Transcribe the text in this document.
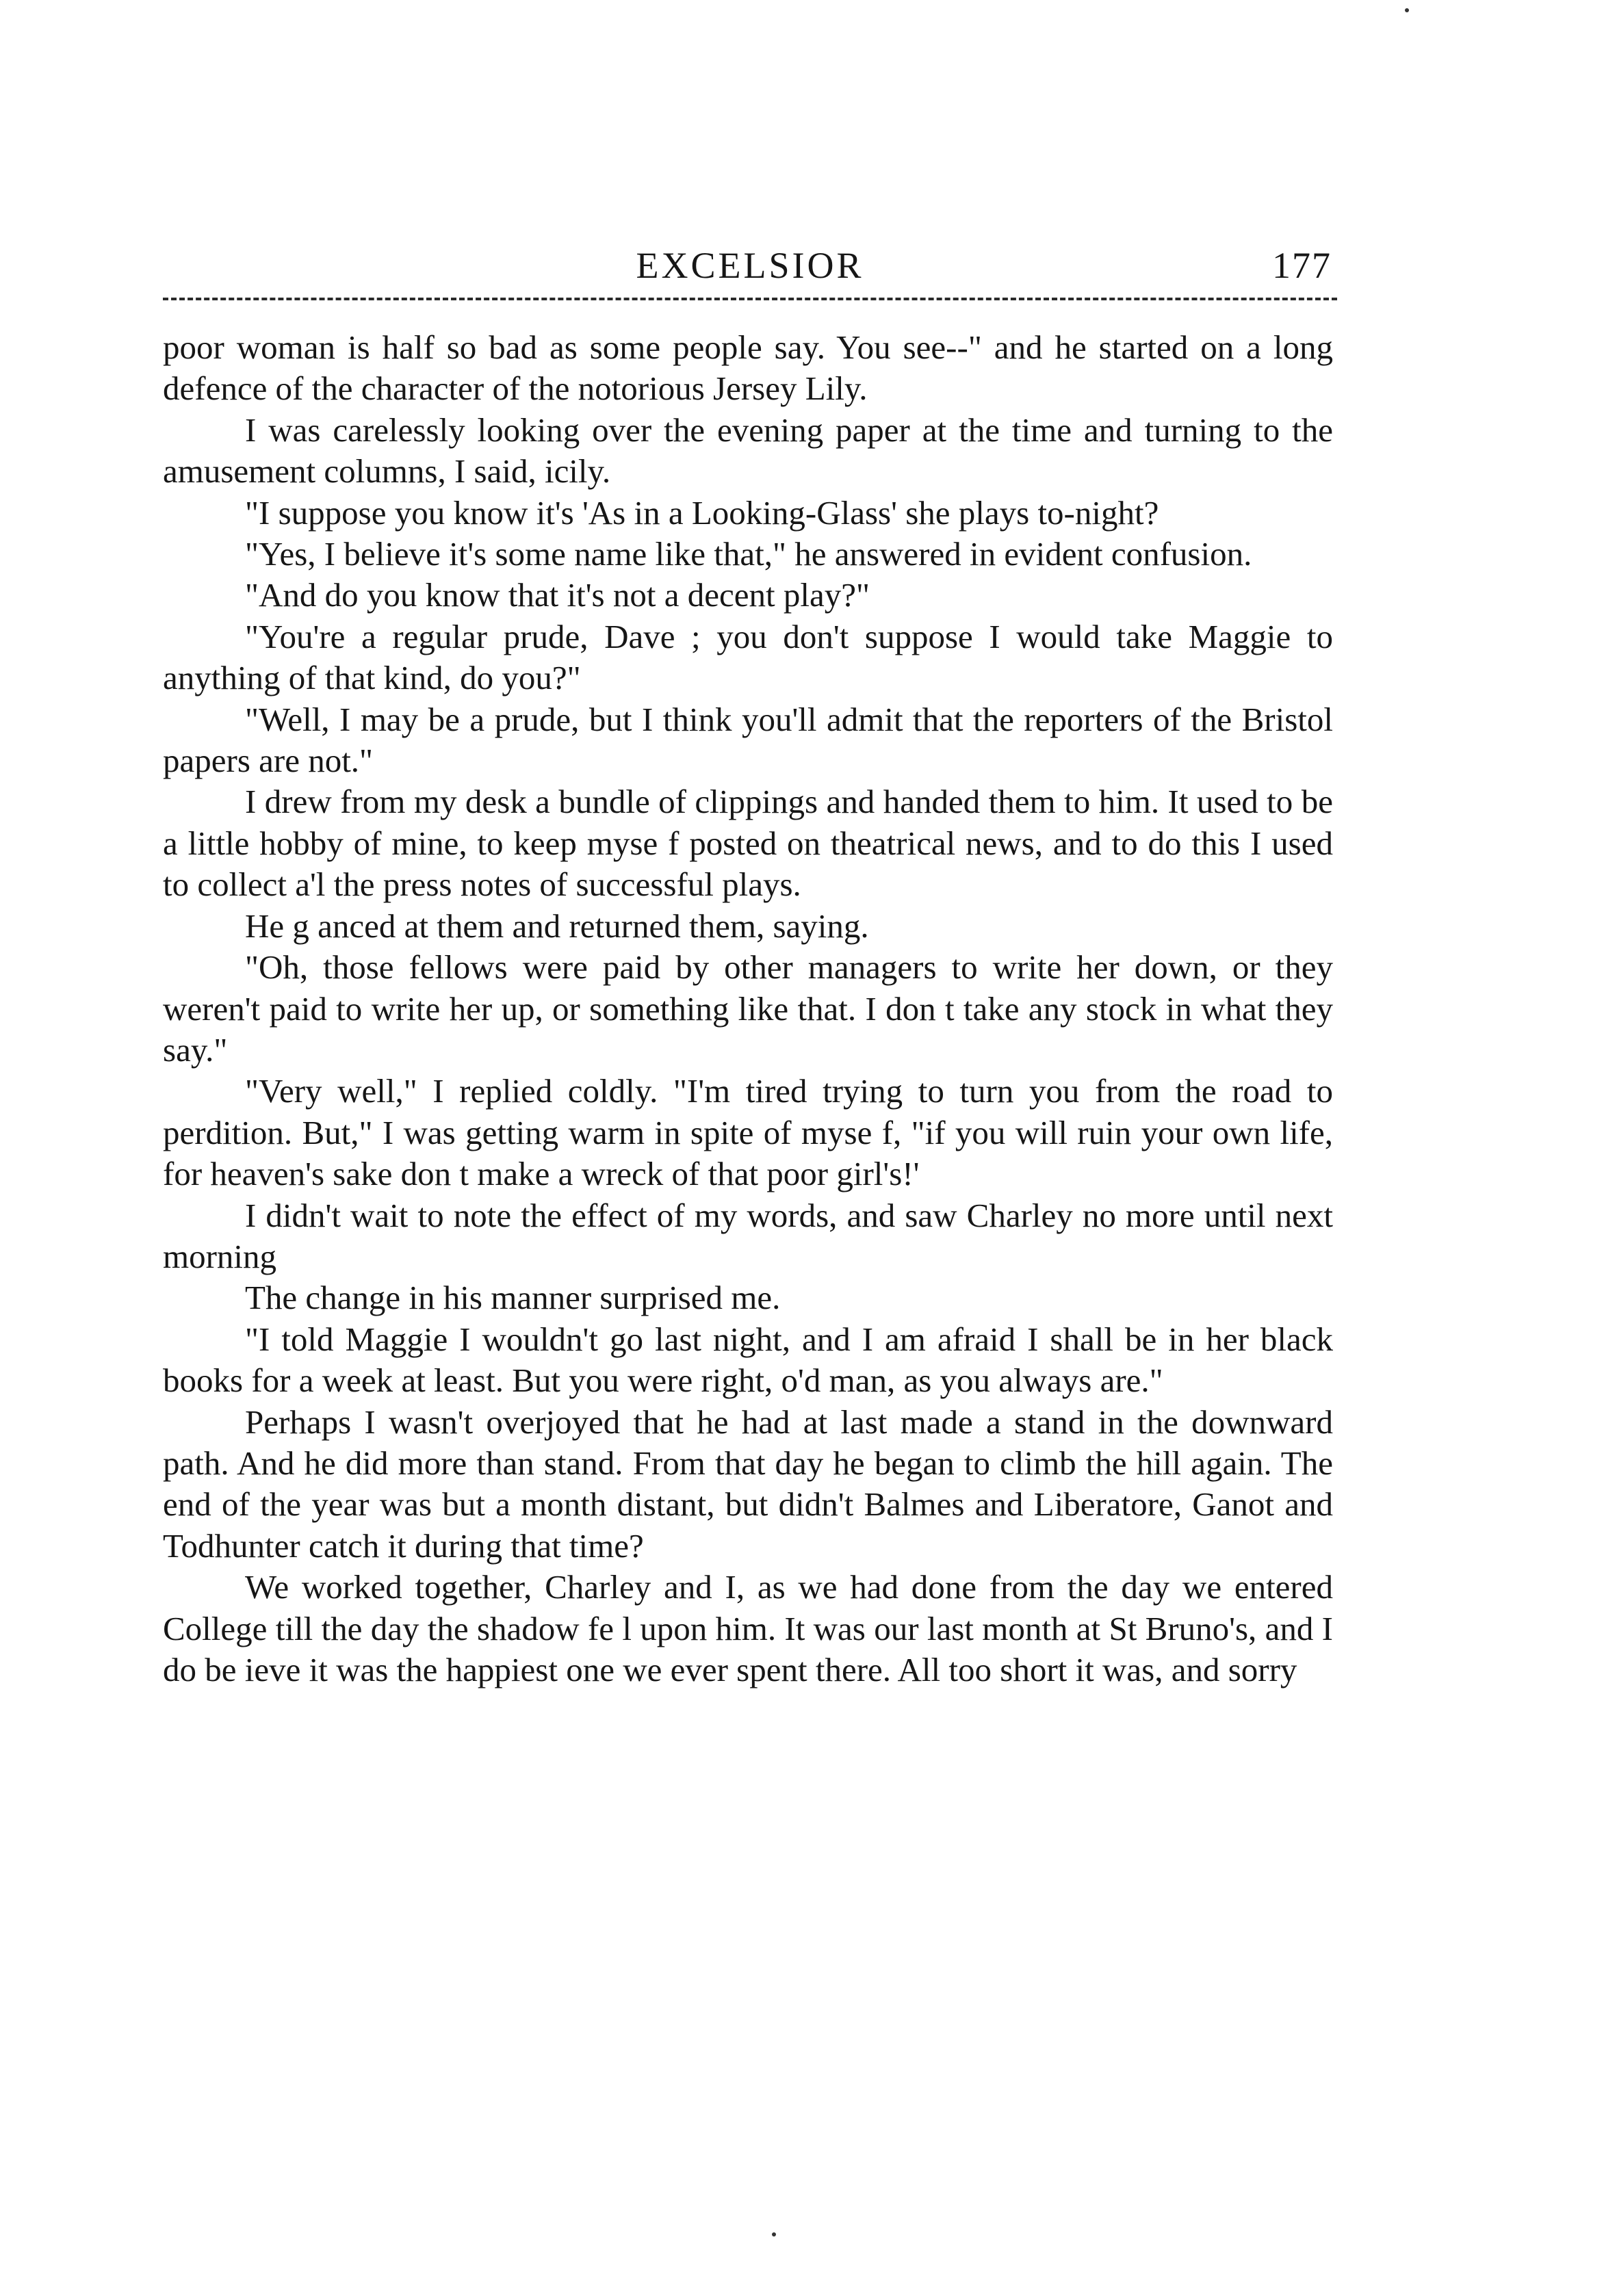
EXCELSIOR	177

poor woman is half so bad as some people say. You see--" and he started on a long defence of the character of the notorious Jersey Lily.

I was carelessly looking over the evening paper at the time and turning to the amusement columns, I said, icily.

"I suppose you know it's 'As in a Looking-Glass' she plays to-night?

"Yes, I believe it's some name like that," he answered in evident confusion.

"And do you know that it's not a decent play?"

"You're a regular prude, Dave ; you don't suppose I would take Maggie to anything of that kind, do you?"

"Well, I may be a prude, but I think you'll admit that the reporters of the Bristol papers are not."

I drew from my desk a bundle of clippings and handed them to him. It used to be a little hobby of mine, to keep myse f posted on theatrical news, and to do this I used to collect a'l the press notes of successful plays.

He g anced at them and returned them, saying.

"Oh, those fellows were paid by other managers to write her down, or they weren't paid to write her up, or something like that. I don t take any stock in what they say."

"Very well," I replied coldly. "I'm tired trying to turn you from the road to perdition. But," I was getting warm in spite of myse f, "if you will ruin your own life, for heaven's sake don t make a wreck of that poor girl's!'

I didn't wait to note the effect of my words, and saw Charley no more until next morning

The change in his manner surprised me.

"I told Maggie I wouldn't go last night, and I am afraid I shall be in her black books for a week at least. But you were right, o'd man, as you always are."

Perhaps I wasn't overjoyed that he had at last made a stand in the downward path. And he did more than stand. From that day he began to climb the hill again. The end of the year was but a month distant, but didn't Balmes and Liberatore, Ganot and Todhunter catch it during that time?

We worked together, Charley and I, as we had done from the day we entered College till the day the shadow fe l upon him. It was our last month at St Bruno's, and I do be ieve it was the happiest one we ever spent there. All too short it was, and sorry
